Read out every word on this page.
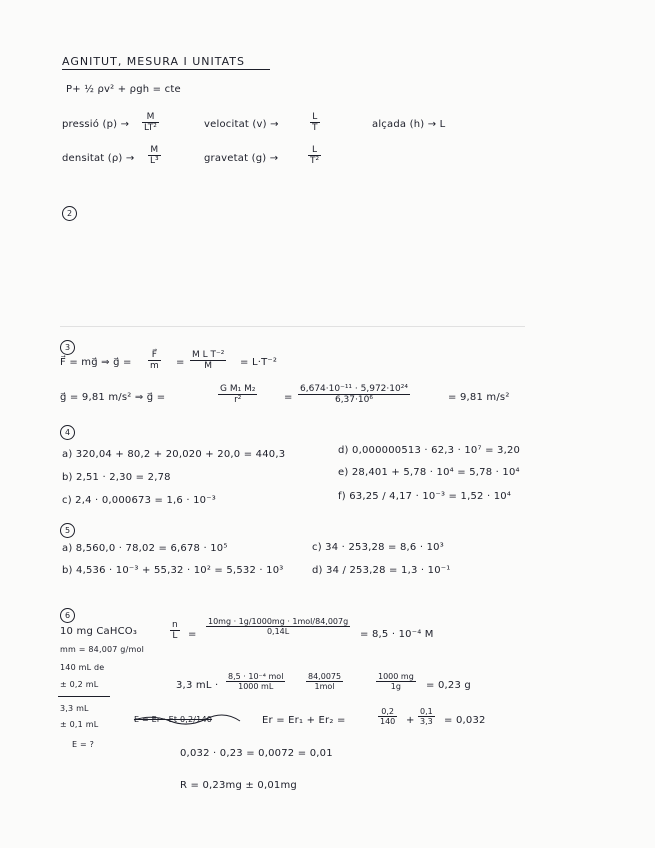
AGNITUT, MESURA I UNITATS
P+ ½ ρv² + ρgh = cte
pressió $(p) \to \frac{M}{\text{LT²}}$	velocitat (v) →	$\frac{L}{T}$	alçada (h) → L
densitat $(\rho) \to \frac{M}{\text{L³}}$	gravetat (g) →	$\frac{L}{\text{T²}}$
2
3
F⃗ = mg⃗ ⇒ g⃗ = $\frac{F⃗}{m} = \frac{\text{M L T⁻²}}{M} = L\cdot T^{-2}$
g⃗ = 9,81 m/s² ⇒ g⃗ =	$\frac{\text{G M₁ M₂}}{\text{r²}}$	= $\frac{\text{6,674·10⁻¹¹ · 5,972·10²⁴}}{\text{6,37·10⁶}}$	= 9,81 m/s²
4
a) 320,04 + 80,2 + 20,020 + 20,0 = 440,3
b) 2,51 · 2,30 = 2,78
c) 2,4 · 0,000673 = 1,6 · 10⁻³
d) 0,000000513 · 62,3 · 10⁷ = 3,20
e) 28,401 + 5,78 · 10⁴ = 5,78 · 10⁴
f) 63,25 / 4,17 · 10⁻³ = 1,52 · 10⁴
5
a) 8,560,0 · 78,02 = 6,678 · 10⁵
b) 4,536 · 10⁻³ + 55,32 · 10² = 5,532 · 10³
c) 34 · 253,28 = 8,6 · 10³
d) 34 / 253,28 = 1,3 · 10⁻¹
6
10 mg CaHCO₃
mm = 84,007 g/mol
140 mL de
± 0,2 mL
3,3 mL
± 0,1 mL
E = ?
$\frac{n}{L}$ =
10mg · 1g/1000mg · 1mol/84,007g
0,14L	= 8,5 · 10⁻⁴ M
3,3 mL ·
8,5 · 10⁻⁴ mol
1000 mL
84,0075
1mol	$\frac{1000 mg}{1g} = 0,23$ g
E = Er · Et 0,2/140	Er = Er₁ + Er₂ =	$\frac{0,2}{140} + \frac{0,1}{3,3} = 0,032$
0,032 · 0,23 = 0,0072 = 0,01
R = 0,23mg ± 0,01mg
